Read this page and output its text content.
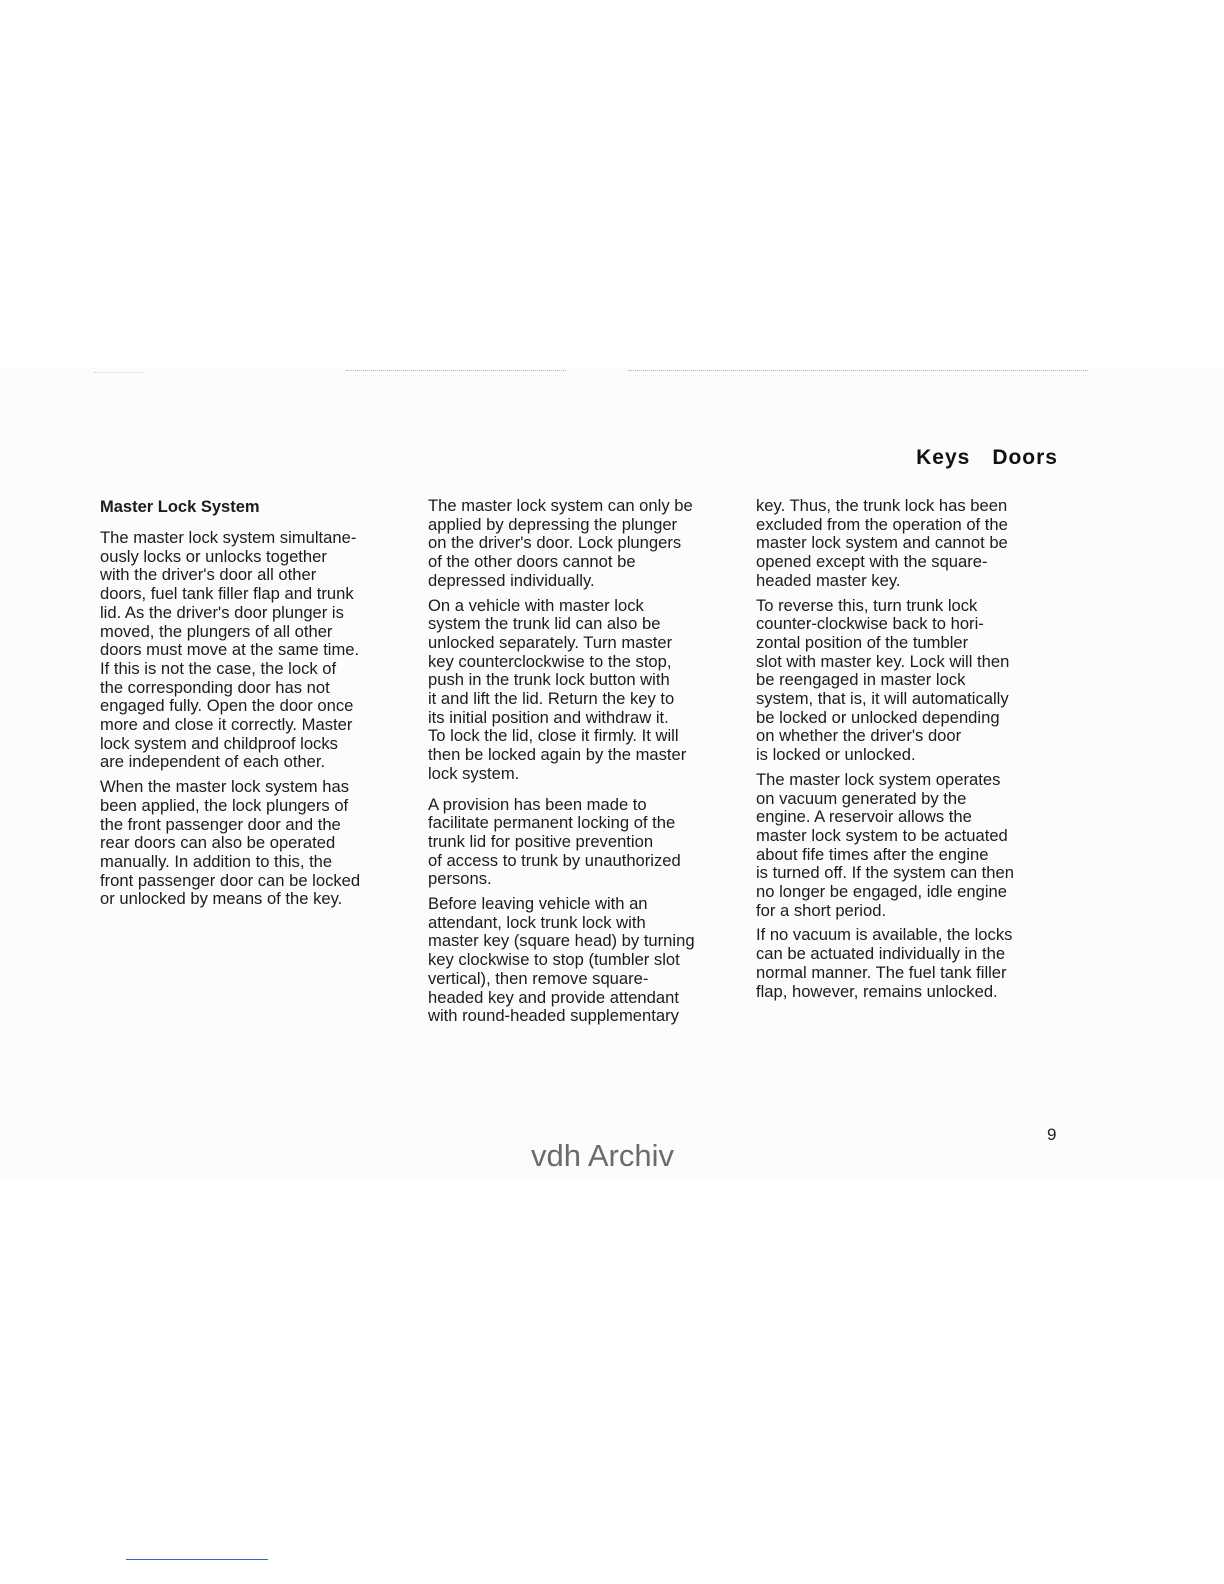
Keys Doors
Master Lock System

The master lock system simultane-
ously locks or unlocks together
with the driver's door all other
doors, fuel tank filler flap and trunk
lid. As the driver's door plunger is
moved, the plungers of all other
doors must move at the same time.
If this is not the case, the lock of
the corresponding door has not
engaged fully. Open the door once
more and close it correctly. Master
lock system and childproof locks
are independent of each other.

When the master lock system has
been applied, the lock plungers of
the front passenger door and the
rear doors can also be operated
manually. In addition to this, the
front passenger door can be locked
or unlocked by means of the key.

The master lock system can only be
applied by depressing the plunger
on the driver's door. Lock plungers
of the other doors cannot be
depressed individually.

On a vehicle with master lock
system the trunk lid can also be
unlocked separately. Turn master
key counterclockwise to the stop,
push in the trunk lock button with
it and lift the lid. Return the key to
its initial position and withdraw it.
To lock the lid, close it firmly. It will
then be locked again by the master
lock system.

A provision has been made to
facilitate permanent locking of the
trunk lid for positive prevention
of access to trunk by unauthorized
persons.

Before leaving vehicle with an
attendant, lock trunk lock with
master key (square head) by turning
key clockwise to stop (tumbler slot
vertical), then remove square-
headed key and provide attendant
with round-headed supplementary

key. Thus, the trunk lock has been
excluded from the operation of the
master lock system and cannot be
opened except with the square-
headed master key.

To reverse this, turn trunk lock
counter-clockwise back to hori-
zontal position of the tumbler
slot with master key. Lock will then
be reengaged in master lock
system, that is, it will automatically
be locked or unlocked depending
on whether the driver's door
is locked or unlocked.

The master lock system operates
on vacuum generated by the
engine. A reservoir allows the
master lock system to be actuated
about fife times after the engine
is turned off. If the system can then
no longer be engaged, idle engine
for a short period.

If no vacuum is available, the locks
can be actuated individually in the
normal manner. The fuel tank filler
flap, however, remains unlocked.

9
vdh Archiv
